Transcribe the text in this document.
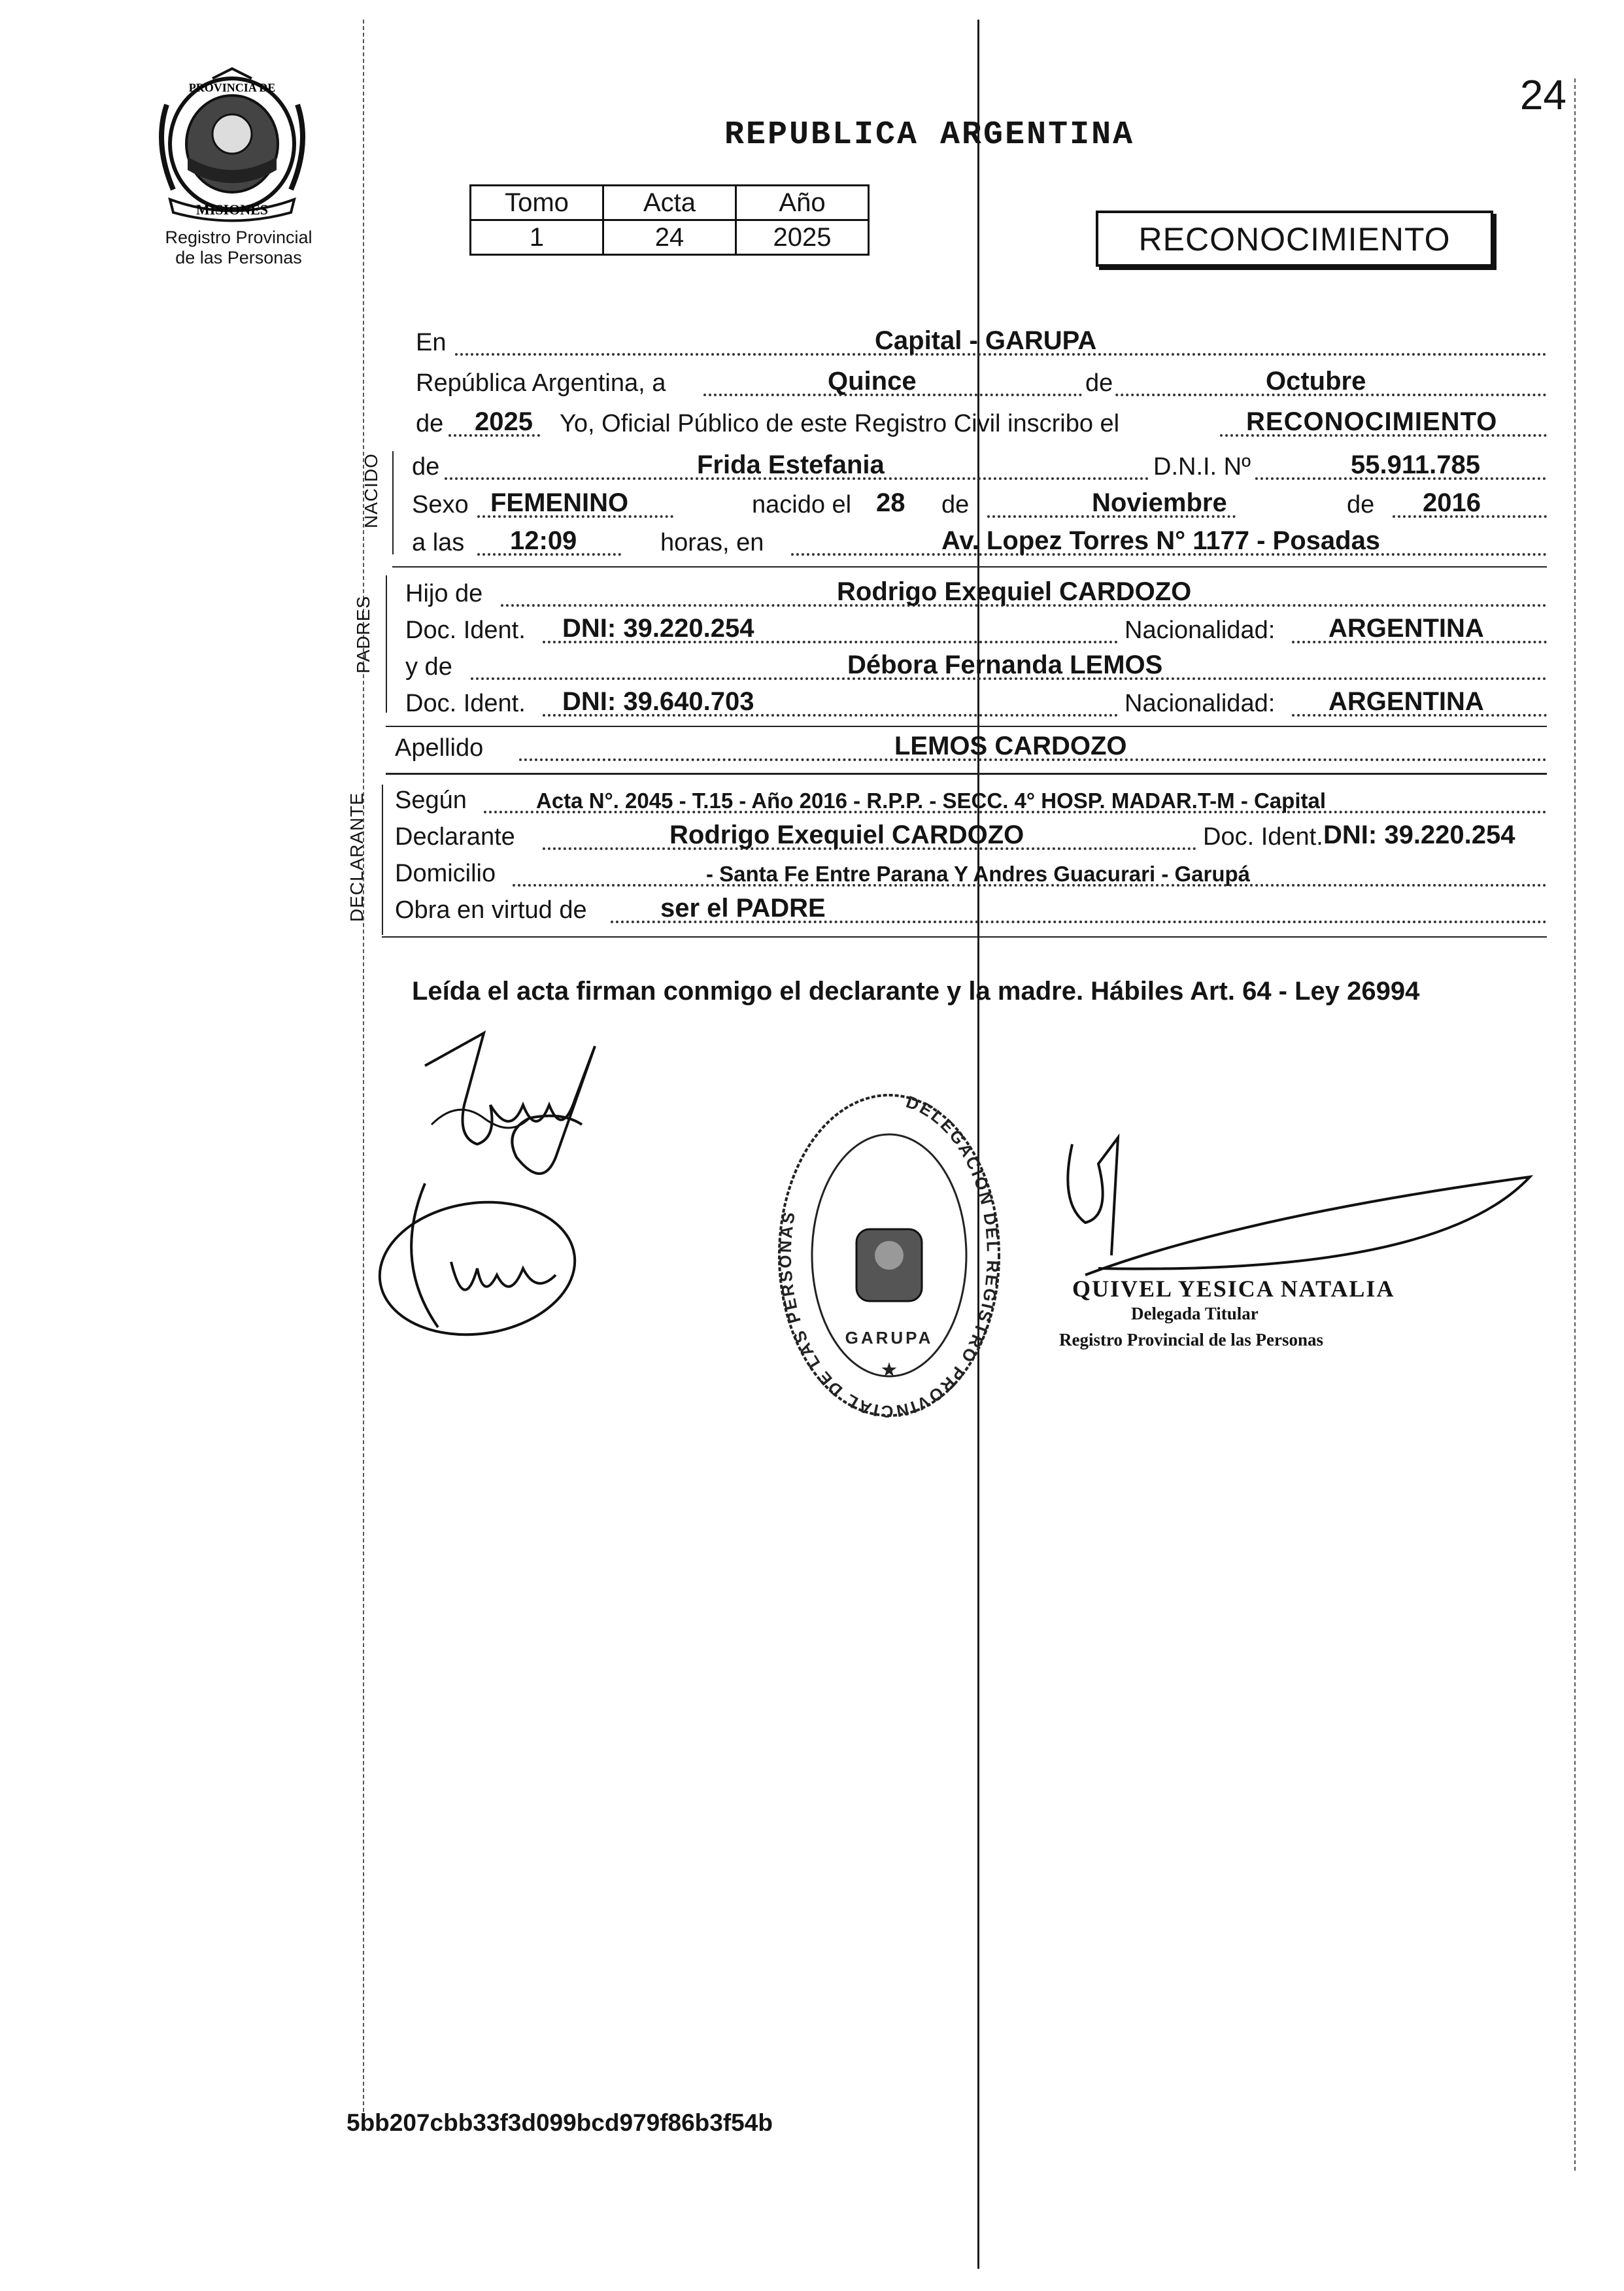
PROVINCIA DE
MISIONES
Registro Provincial
de las Personas
24
REPUBLICA ARGENTINA
Tomo	Acta	Año
1	24	2025	RECONOCIMIENTO
En	Capital - GARUPA
República Argentina, a	Quince	de	Octubre
de 2025 Yo, Oficial Público de este Registro Civil inscribo el	RECONOCIMIENTO
NACIDO de	Frida Estefania	D.N.I. Nº	55.911.785
Sexo FEMENINO	nacido el 28 de	Noviembre	de 2016
a las 12:09	horas, en	Av. Lopez Torres N° 1177 - Posadas
PADRES
Hijo de	Rodrigo Exequiel CARDOZO
Doc. Ident. DNI: 39.220.254	Nacionalidad: ARGENTINA
y de	Débora Fernanda LEMOS
Doc. Ident. DNI: 39.640.703	Nacionalidad: ARGENTINA
Apellido	LEMOS CARDOZO
DECLARANTE Según	Acta N°. 2045 - T.15 - Año 2016 - R.P.P. - SECC. 4° HOSP. MADAR.T-M - Capital
Declarante	Rodrigo Exequiel CARDOZO	Doc. Ident. DNI: 39.220.254
Domicilio	- Santa Fe Entre Parana Y Andres Guacurari - Garupá
Obra en virtud de	ser el PADRE
Leída el acta firman conmigo el declarante y la madre. Hábiles Art. 64 - Ley 26994
DELEGACION DEL REGISTRO PROVINCIAL DE LAS PERSONAS
GARUPA
★
QUIVEL YESICA NATALIA
Delegada Titular
Registro Provincial de las Personas
5bb207cbb33f3d099bcd979f86b3f54b
